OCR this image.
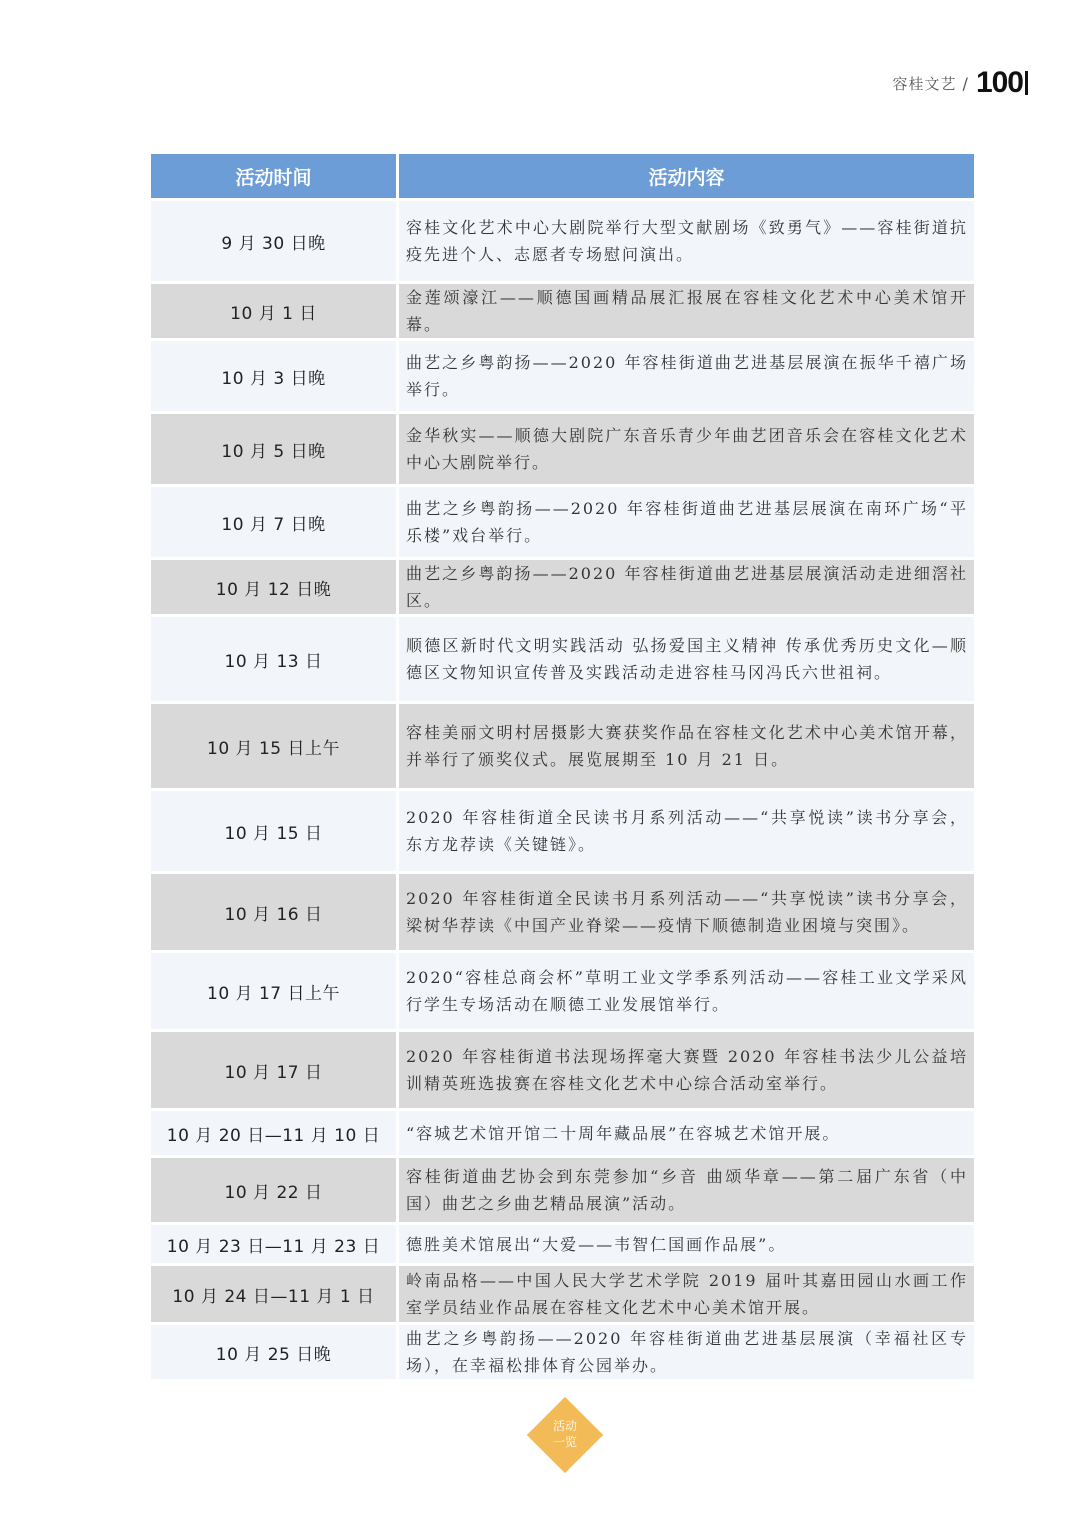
容桂文艺 / 100
活动时间	活动内容
9 月 30 日晚	容桂文化艺术中心大剧院举行大型文献剧场《致勇气》——容桂街道抗疫先进个人、志愿者专场慰问演出。
10 月 1 日	金莲颂濠江——顺德国画精品展汇报展在容桂文化艺术中心美术馆开幕。
10 月 3 日晚	曲艺之乡粤韵扬——2020 年容桂街道曲艺进基层展演在振华千禧广场举行。
10 月 5 日晚	金华秋实——顺德大剧院广东音乐青少年曲艺团音乐会在容桂文化艺术中心大剧院举行。
10 月 7 日晚	曲艺之乡粤韵扬——2020 年容桂街道曲艺进基层展演在南环广场“平乐楼”戏台举行。
10 月 12 日晚	曲艺之乡粤韵扬——2020 年容桂街道曲艺进基层展演活动走进细滘社区。
10 月 13 日	顺德区新时代文明实践活动 弘扬爱国主义精神 传承优秀历史文化—顺德区文物知识宣传普及实践活动走进容桂马冈冯氏六世祖祠。
10 月 15 日上午	容桂美丽文明村居摄影大赛获奖作品在容桂文化艺术中心美术馆开幕，并举行了颁奖仪式。展览展期至 10 月 21 日。
10 月 15 日	2020 年容桂街道全民读书月系列活动——“共享悦读”读书分享会，东方龙荐读《关键链》。
10 月 16 日	2020 年容桂街道全民读书月系列活动——“共享悦读”读书分享会，梁树华荐读《中国产业脊梁——疫情下顺德制造业困境与突围》。
10 月 17 日上午	2020“容桂总商会杯”草明工业文学季系列活动——容桂工业文学采风行学生专场活动在顺德工业发展馆举行。
10 月 17 日	2020 年容桂街道书法现场挥毫大赛暨 2020 年容桂书法少儿公益培训精英班选拔赛在容桂文化艺术中心综合活动室举行。
10 月 20 日—11 月 10 日	“容城艺术馆开馆二十周年藏品展”在容城艺术馆开展。
10 月 22 日	容桂街道曲艺协会到东莞参加“乡音 曲颂华章——第二届广东省（中国）曲艺之乡曲艺精品展演”活动。
10 月 23 日—11 月 23 日	德胜美术馆展出“大爱——韦智仁国画作品展”。
10 月 24 日—11 月 1 日	岭南品格——中国人民大学艺术学院 2019 届叶其嘉田园山水画工作室学员结业作品展在容桂文化艺术中心美术馆开展。
10 月 25 日晚	曲艺之乡粤韵扬——2020 年容桂街道曲艺进基层展演（幸福社区专场），在幸福松排体育公园举办。
活动
一览
